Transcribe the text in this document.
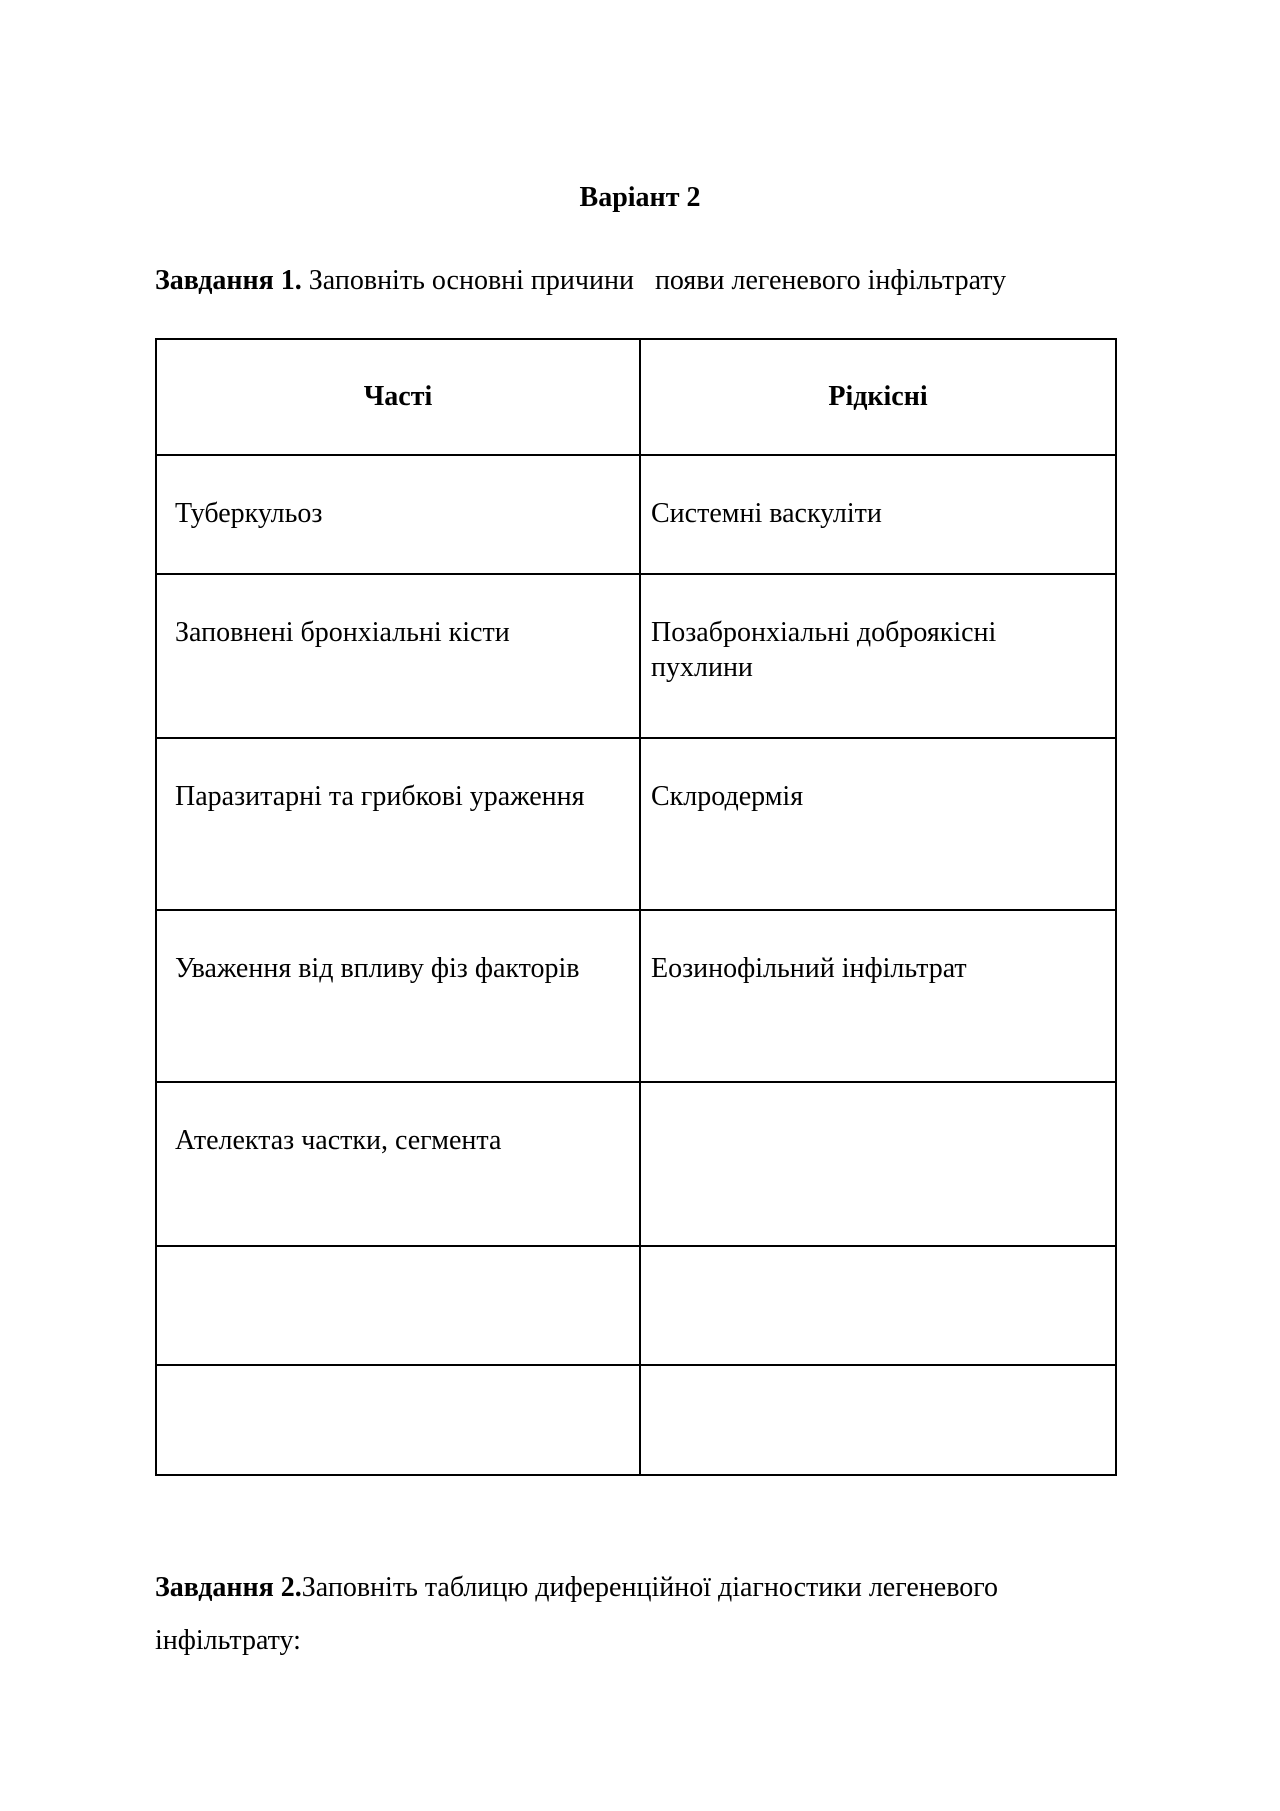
Варіант 2
Завдання 1. Заповніть основні причини   появи легеневого інфільтрату
Часті	Рідкісні

Туберкульоз	Системні васкуліти

Заповнені бронхіальні кісти	Позабронхіальні доброякісні пухлини

Паразитарні та грибкові ураження	Склродермія

Уваження від впливу фіз факторів	Еозинофільний інфільтрат

Ателектаз частки, сегмента	

Завдання 2.Заповніть таблицю диференційної діагностики легеневого інфільтрату:
